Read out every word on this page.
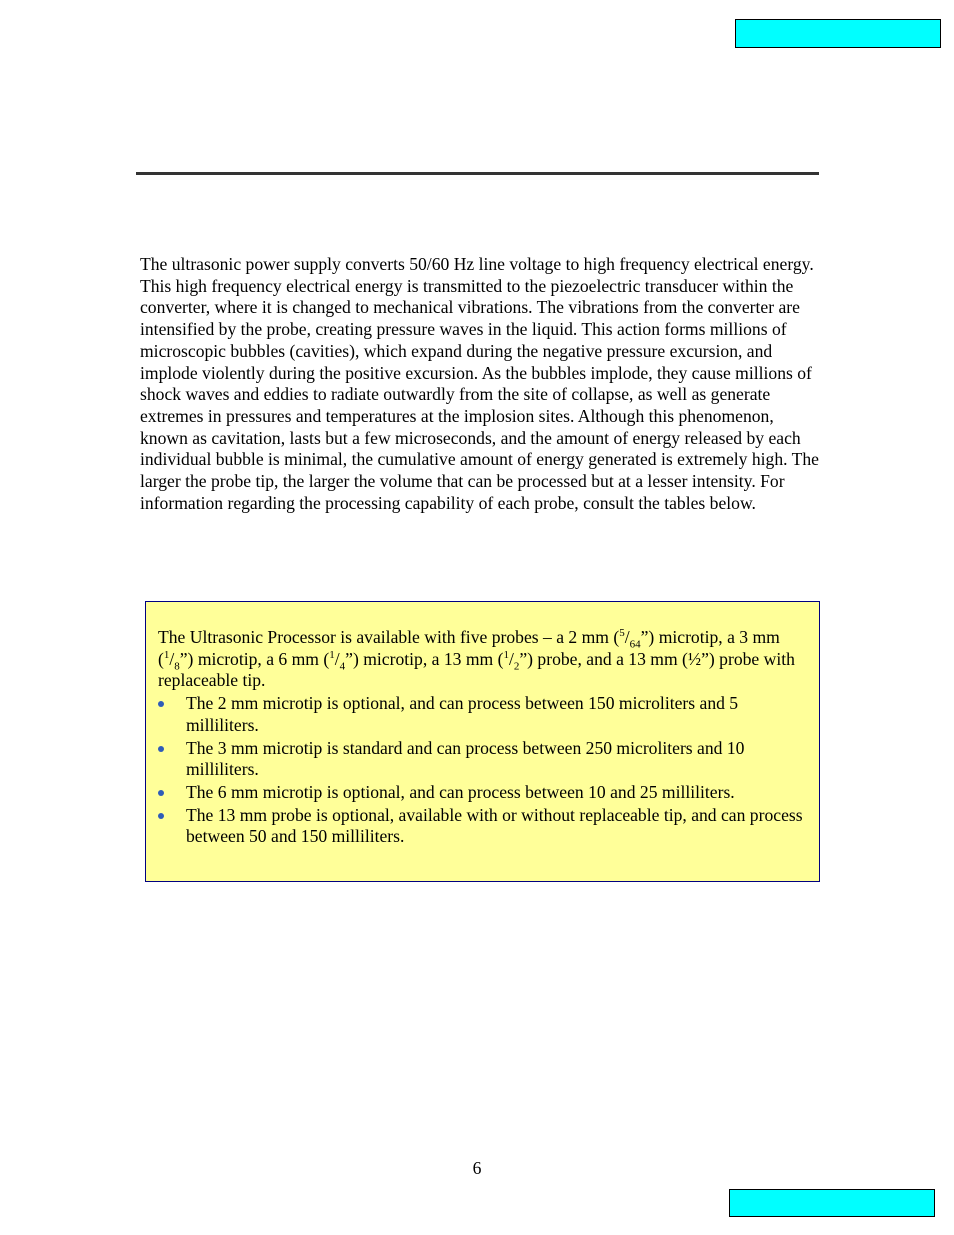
The ultrasonic power supply converts 50/60 Hz line voltage to high frequency electrical energy. This high frequency electrical energy is transmitted to the piezoelectric transducer within the converter, where it is changed to mechanical vibrations. The vibrations from the converter are intensified by the probe, creating pressure waves in the liquid. This action forms millions of microscopic bubbles (cavities), which expand during the negative pressure excursion, and implode violently during the positive excursion. As the bubbles implode, they cause millions of shock waves and eddies to radiate outwardly from the site of collapse, as well as generate extremes in pressures and temperatures at the implosion sites. Although this phenomenon, known as cavitation, lasts but a few microseconds, and the amount of energy released by each individual bubble is minimal, the cumulative amount of energy generated is extremely high. The larger the probe tip, the larger the volume that can be processed but at a lesser intensity. For information regarding the processing capability of each probe, consult the tables below.

The Ultrasonic Processor is available with five probes – a 2 mm $(^5/_{64}”)$ microtip, a 3 mm $(^1/_8”)$ microtip, a 6 mm $(^1/_4”)$ microtip, a 13 mm $(^1/_2”)$ probe, and a 13 mm (½”) probe with replaceable tip.

The 2 mm microtip is optional, and can process between 150 microliters and 5 milliliters.
The 3 mm microtip is standard and can process between 250 microliters and 10 milliliters.
The 6 mm microtip is optional, and can process between 10 and 25 milliliters.
The 13 mm probe is optional, available with or without replaceable tip, and can process between 50 and 150 milliliters.
6
